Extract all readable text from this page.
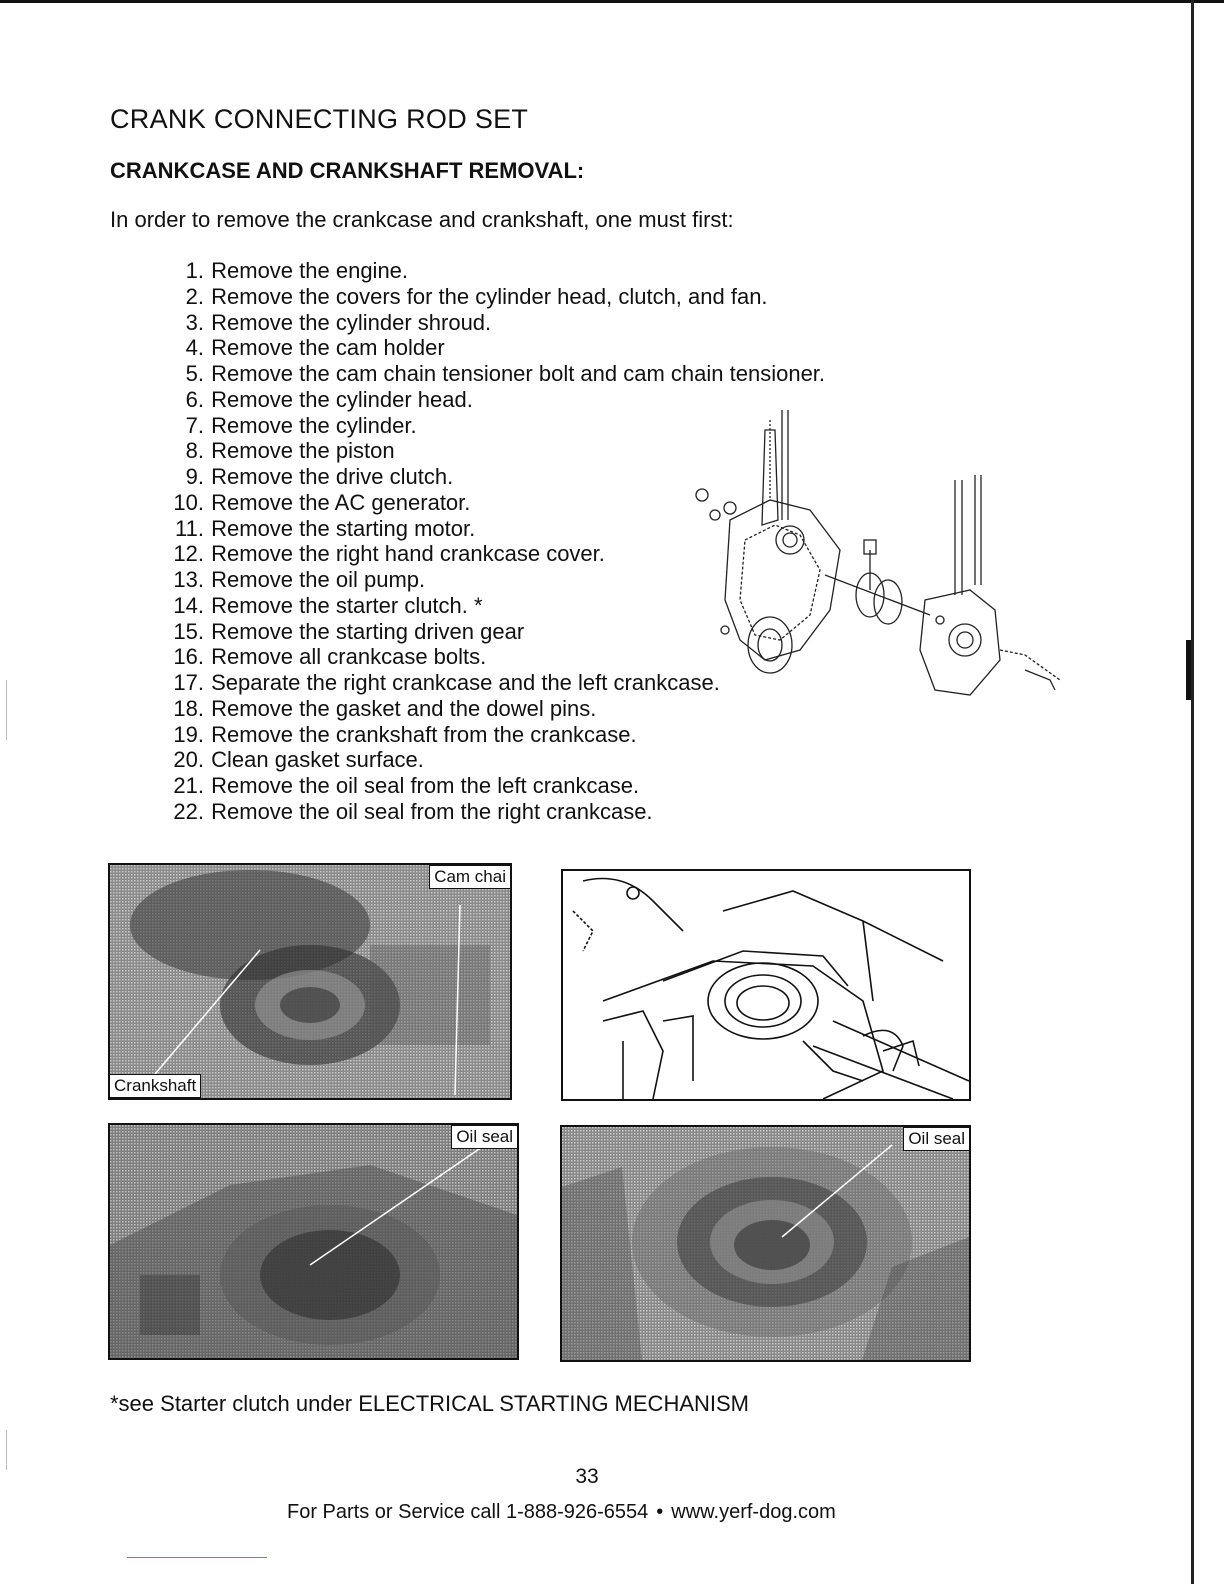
CRANK CONNECTING ROD SET
CRANKCASE AND CRANKSHAFT REMOVAL:
In order to remove the crankcase and crankshaft, one must first:
1. Remove the engine.
2. Remove the covers for the cylinder head, clutch, and fan.
3. Remove the cylinder shroud.
4. Remove the cam holder
5. Remove the cam chain tensioner bolt and cam chain tensioner.
6. Remove the cylinder head.
7. Remove the cylinder.
8. Remove the piston
9. Remove the drive clutch.
10. Remove the AC generator.
11. Remove the starting motor.
12. Remove the right hand crankcase cover.
13. Remove the oil pump.
14. Remove the starter clutch. *
15. Remove the starting driven gear
16. Remove all crankcase bolts.
17. Separate the right crankcase and the left crankcase.
18. Remove the gasket and the dowel pins.
19. Remove the crankshaft from the crankcase.
20. Clean gasket surface.
21. Remove the oil seal from the left crankcase.
22. Remove the oil seal from the right crankcase.
Cam chai
Crankshaft
Oil seal	Oil seal
*see Starter clutch under ELECTRICAL STARTING MECHANISM
33
For Parts or Service call 1-888-926-6554 • www.yerf-dog.com
